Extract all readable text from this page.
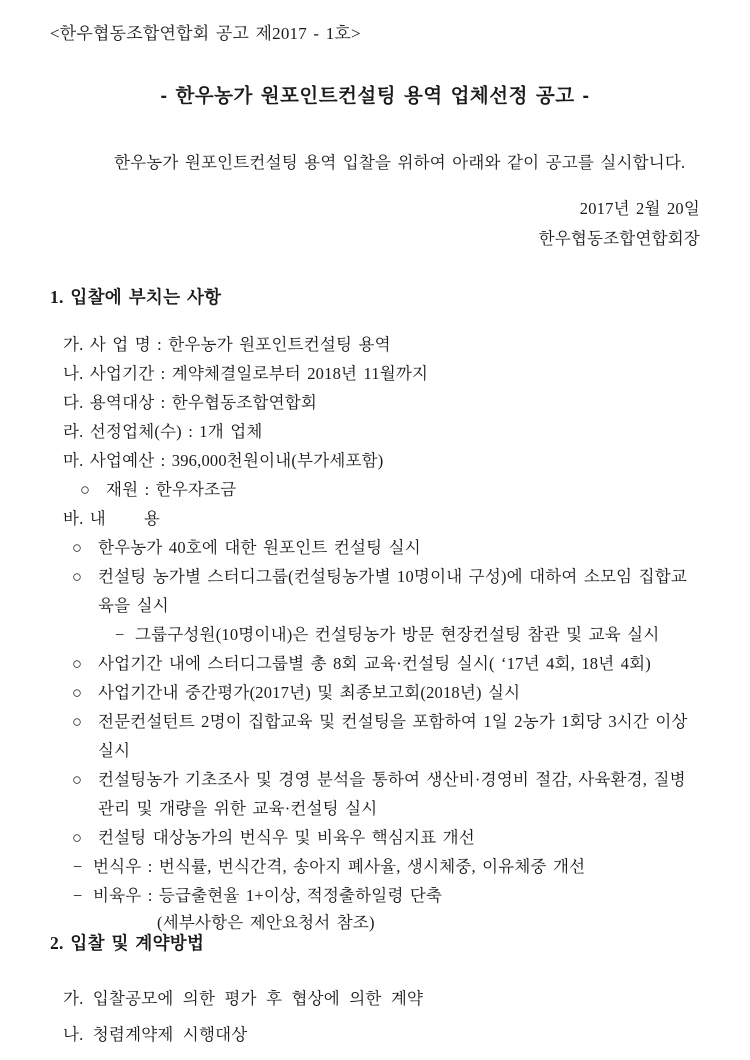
<한우협동조합연합회 공고 제2017 - 1호>
- 한우농가 원포인트컨설팅 용역 업체선정 공고 -

한우농가 원포인트컨설팅 용역 입찰을 위하여 아래와 같이 공고를 실시합니다.

2017년 2월 20일
한우협동조합연합회장
1. 입찰에 부치는 사항
가. 사 업 명 : 한우농가 원포인트컨설팅 용역
나. 사업기간 : 계약체결일로부터 2018년 11월까지
다. 용역대상 : 한우협동조합연합회
라. 선정업체(수) : 1개 업체
마. 사업예산 : 396,000천원이내(부가세포함)
○ 재원 : 한우자조금
바. 내      용
○ 한우농가 40호에 대한 원포인트 컨설팅 실시
○ 컨설팅 농가별 스터디그룹(컨설팅농가별 10명이내 구성)에 대하여 소모임 집합교육을 실시
− 그룹구성원(10명이내)은 컨설팅농가 방문 현장컨설팅 참관 및 교육 실시
○ 사업기간 내에 스터디그룹별 총 8회 교육·컨설팅 실시( ‘17년 4회, 18년 4회)
○ 사업기간내 중간평가(2017년) 및 최종보고회(2018년) 실시
○ 전문컨설턴트 2명이 집합교육 및 컨설팅을 포함하여 1일 2농가 1회당 3시간 이상 실시
○ 컨설팅농가 기초조사 및 경영 분석을 통하여 생산비·경영비 절감, 사육환경, 질병관리 및 개량을 위한 교육·컨설팅 실시
○ 컨설팅 대상농가의 번식우 및 비육우 핵심지표 개선
− 번식우 : 번식률, 번식간격, 송아지 폐사율, 생시체중, 이유체중 개선
− 비육우 : 등급출현율 1+이상, 적정출하일령 단축
(세부사항은 제안요청서 참조)
2. 입찰 및 계약방법
가. 입찰공모에 의한 평가 후 협상에 의한 계약
나. 청렴계약제 시행대상
